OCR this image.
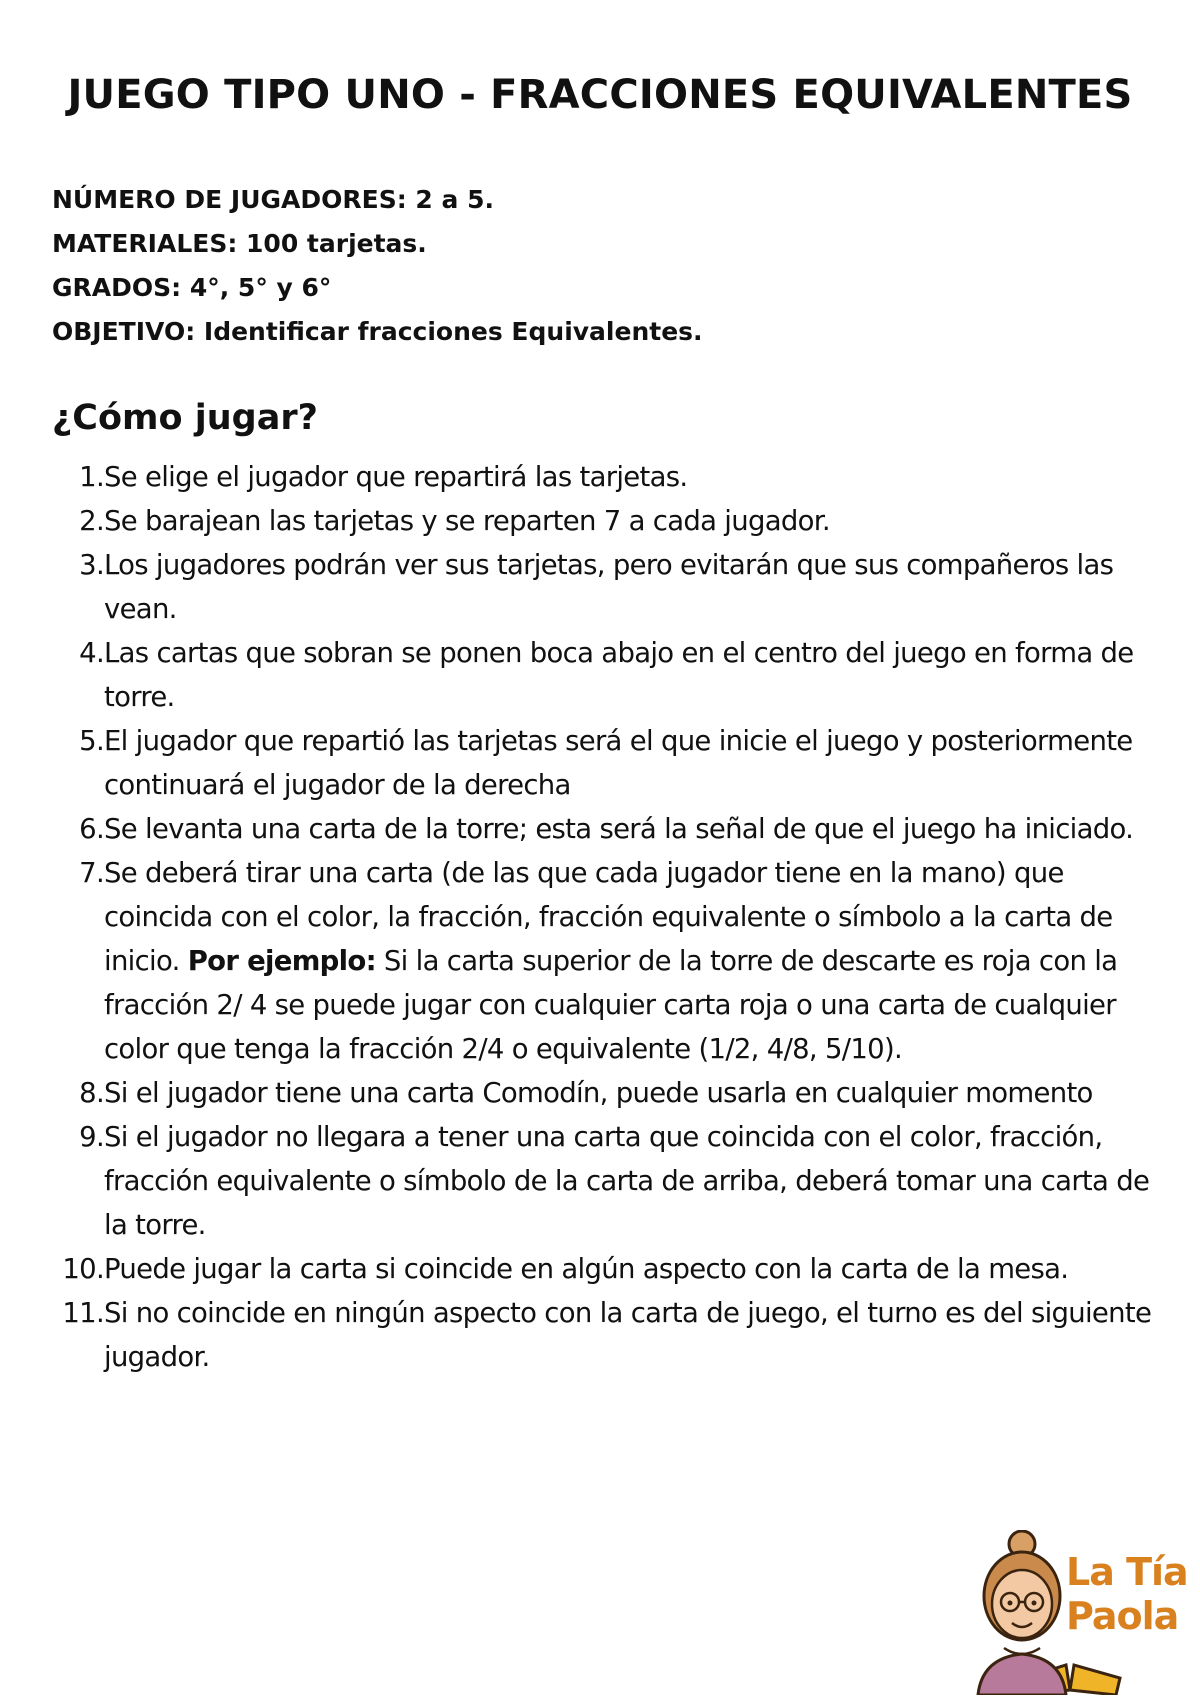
JUEGO TIPO UNO - FRACCIONES EQUIVALENTES
NÚMERO DE JUGADORES: 2 a 5.
MATERIALES: 100 tarjetas.
GRADOS: 4°, 5° y 6°
OBJETIVO: Identificar fracciones Equivalentes.
¿Cómo jugar?
1. Se elige el jugador que repartirá las tarjetas.
2. Se barajean las tarjetas y se reparten 7 a cada jugador.
3. Los jugadores podrán ver sus tarjetas, pero evitarán que sus compañeros las vean.
4. Las cartas que sobran se ponen boca abajo en el centro del juego en forma de torre.
5. El jugador que repartió las tarjetas será el que inicie el juego y posteriormente continuará el jugador de la derecha
6. Se levanta una carta de la torre; esta será la señal de que el juego ha iniciado.
7. Se deberá tirar una carta (de las que cada jugador tiene en la mano) que coincida con el color, la fracción, fracción equivalente o símbolo a la carta de inicio. Por ejemplo: Si la carta superior de la torre de descarte es roja con la fracción 2/ 4 se puede jugar con cualquier carta roja o una carta de cualquier color que tenga la fracción 2/4 o equivalente (1/2, 4/8, 5/10).
8. Si el jugador tiene una carta Comodín, puede usarla en cualquier momento
9. Si el jugador no llegara a tener una carta que coincida con el color, fracción, fracción equivalente o símbolo de la carta de arriba, deberá tomar una carta de la torre.
10. Puede jugar la carta si coincide en algún aspecto con la carta de la mesa.
11. Si no coincide en ningún aspecto con la carta de juego, el turno es del siguiente jugador.
La Tía
Paola
